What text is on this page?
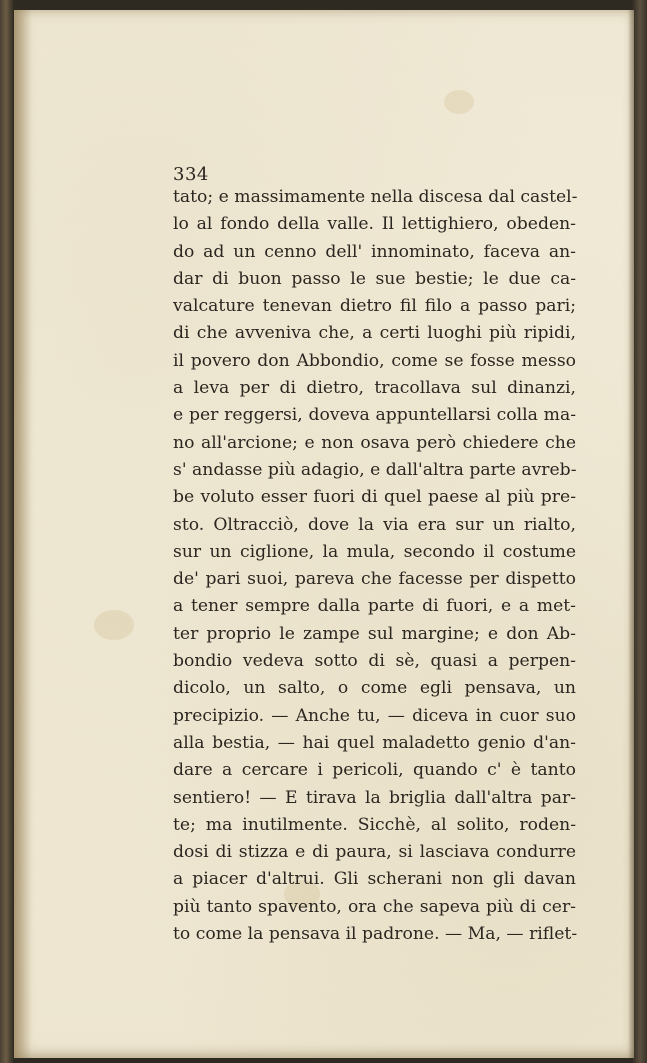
334
tato; e massimamente nella discesa dal castel-
lo al fondo della valle. Il lettighiero, obeden-
do ad un cenno dell' innominato, faceva an-
dar di buon passo le sue bestie; le due ca-
valcature tenevan dietro fil filo a passo pari;
di che avveniva che, a certi luoghi più ripidi,
il povero don Abbondio, come se fosse messo
a leva per di dietro, tracollava sul dinanzi,
e per reggersi, doveva appuntellarsi colla ma-
no all'arcione; e non osava però chiedere che
s' andasse più adagio, e dall'altra parte avreb-
be voluto esser fuori di quel paese al più pre-
sto. Oltracciò, dove la via era sur un rialto,
sur un ciglione, la mula, secondo il costume
de' pari suoi, pareva che facesse per dispetto
a tener sempre dalla parte di fuori, e a met-
ter proprio le zampe sul margine; e don Ab-
bondio vedeva sotto di sè, quasi a perpen-
dicolo, un salto, o come egli pensava, un
precipizio. — Anche tu, — diceva in cuor suo
alla bestia, — hai quel maladetto genio d'an-
dare a cercare i pericoli, quando c' è tanto
sentiero! — E tirava la briglia dall'altra par-
te; ma inutilmente. Sicchè, al solito, roden-
dosi di stizza e di paura, si lasciava condurre
a piacer d'altrui. Gli scherani non gli davan
più tanto spavento, ora che sapeva più di cer-
to come la pensava il padrone. — Ma, — riflet-
